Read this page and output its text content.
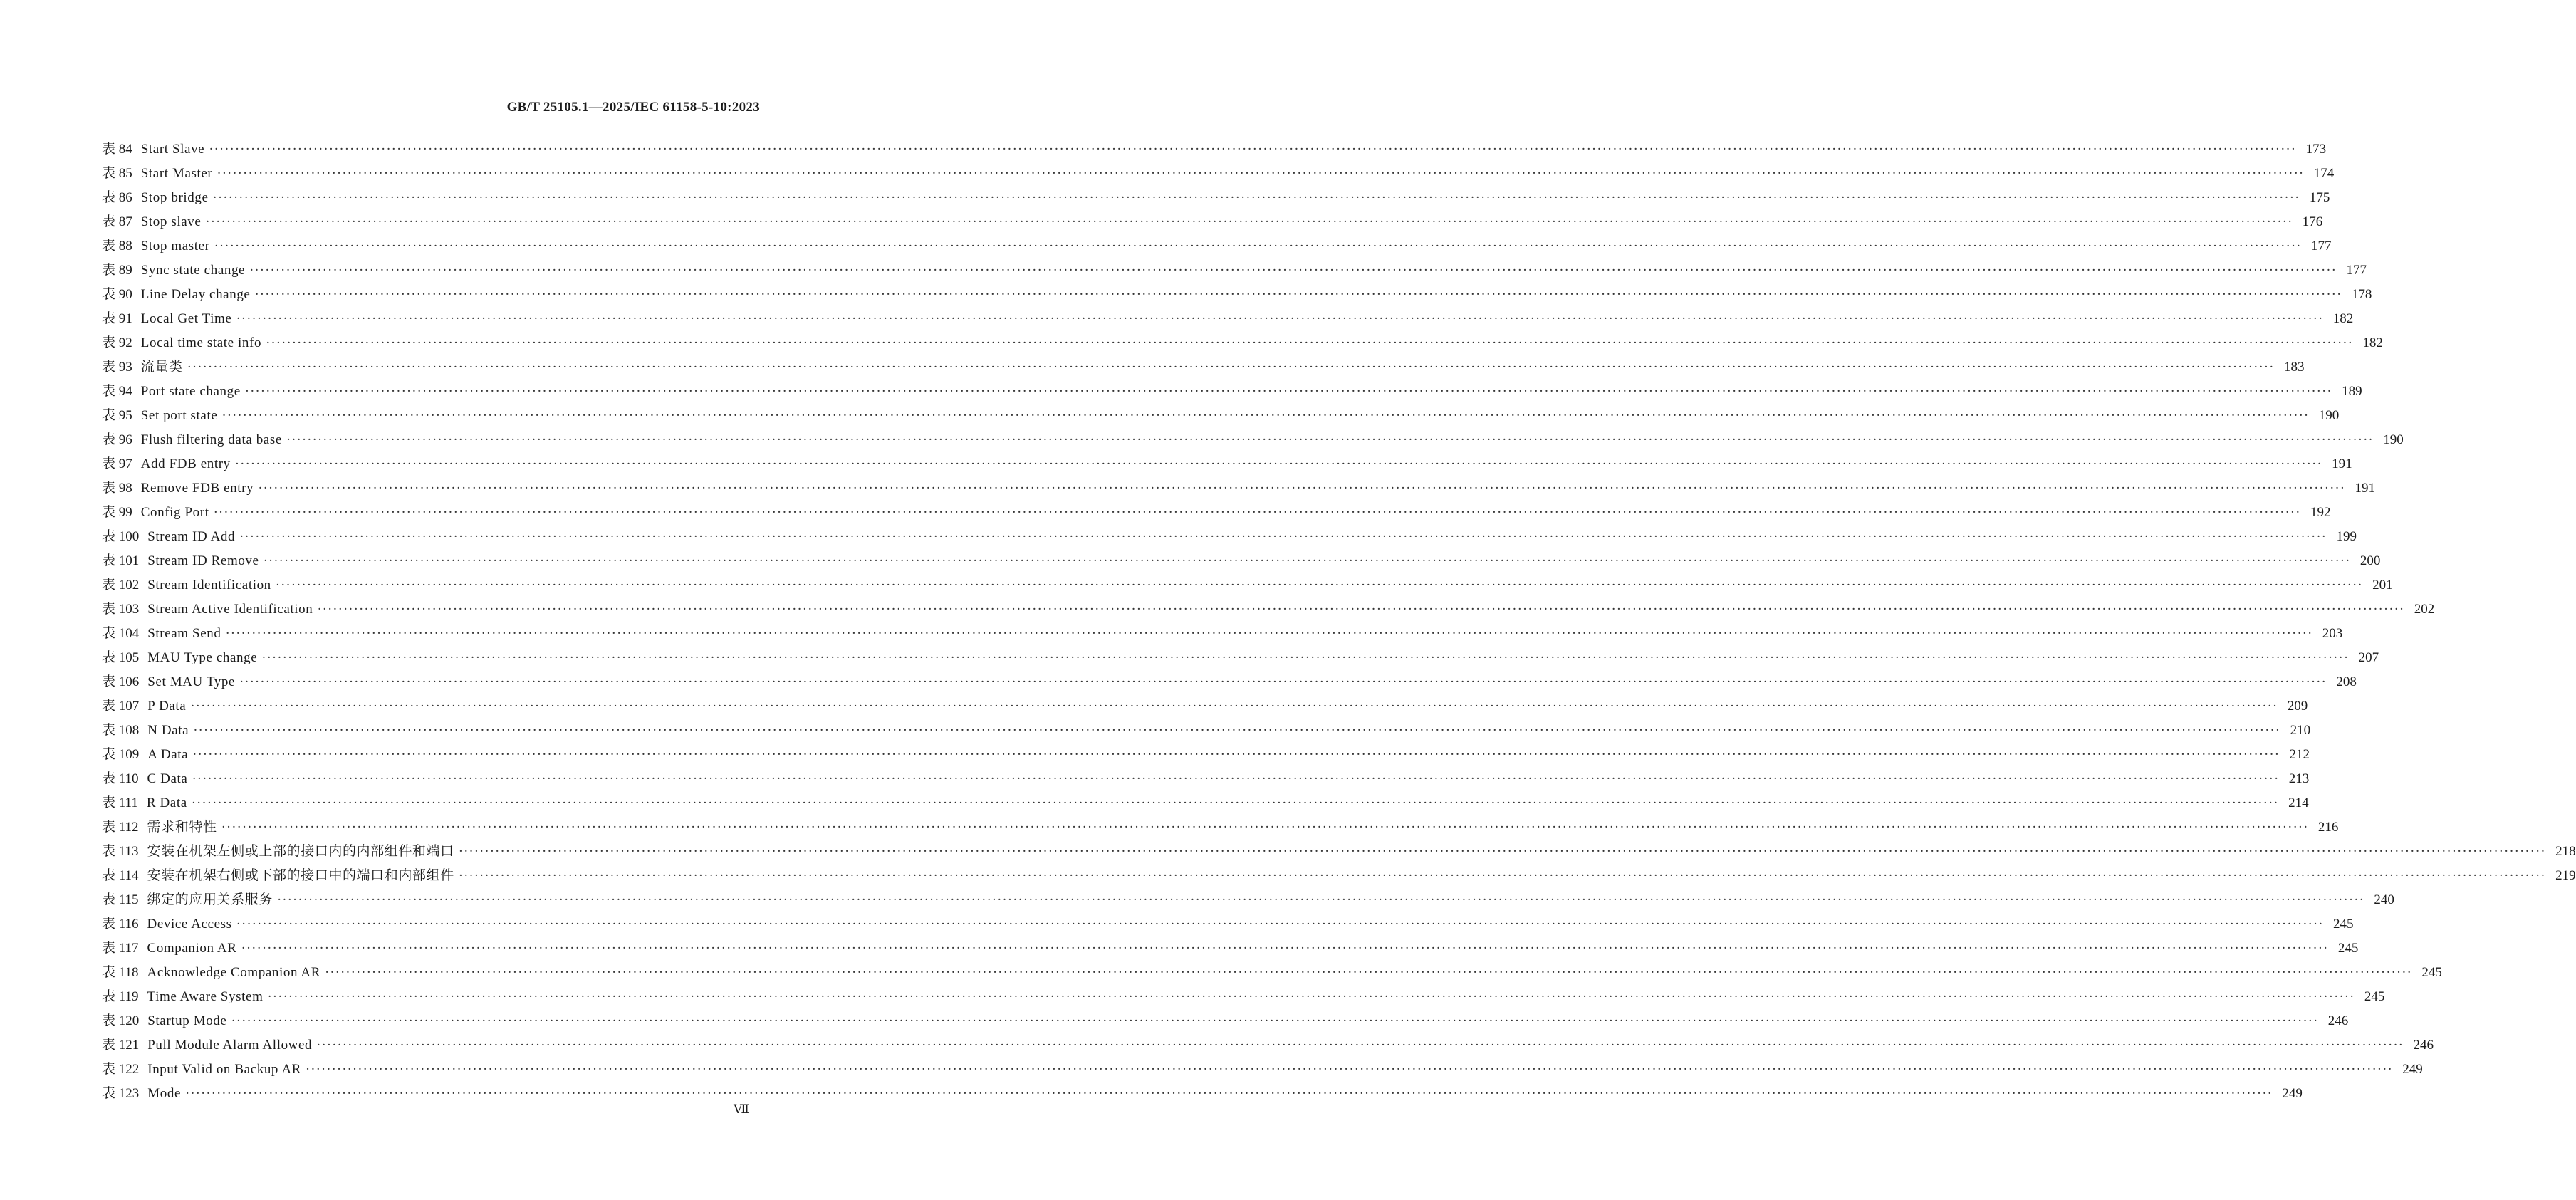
GB/T 25105.1—2025/IEC 61158-5-10:2023
表 84 Start Slave ················································································································································································································································································································································································································ 173
表 85 Start Master ················································································································································································································································································································································································································ 174
表 86 Stop bridge ················································································································································································································································································································································································································ 175
表 87 Stop slave ················································································································································································································································································································································································································ 176
表 88 Stop master ················································································································································································································································································································································································································ 177
表 89 Sync state change ················································································································································································································································································································································································································ 177
表 90 Line Delay change ················································································································································································································································································································································································································ 178
表 91 Local Get Time ················································································································································································································································································································································································································ 182
表 92 Local time state info ················································································································································································································································································································································································································ 182
表 93 流量类 ················································································································································································································································································································································································································ 183
表 94 Port state change ················································································································································································································································································································································································································ 189
表 95 Set port state ················································································································································································································································································································································································································ 190
表 96 Flush filtering data base ················································································································································································································································································································································································································ 190
表 97 Add FDB entry ················································································································································································································································································································································································································ 191
表 98 Remove FDB entry ················································································································································································································································································································································································································ 191
表 99 Config Port ················································································································································································································································································································································································································ 192
表 100 Stream ID Add ················································································································································································································································································································································································································ 199
表 101 Stream ID Remove ················································································································································································································································································································································································································ 200
表 102 Stream Identification ················································································································································································································································································································································································································ 201
表 103 Stream Active Identification ················································································································································································································································································································································································································ 202
表 104 Stream Send ················································································································································································································································································································································································································ 203
表 105 MAU Type change ················································································································································································································································································································································································································ 207
表 106 Set MAU Type ················································································································································································································································································································································································································ 208
表 107 P Data ················································································································································································································································································································································································································ 209
表 108 N Data ················································································································································································································································································································································································································ 210
表 109 A Data ················································································································································································································································································································································································································ 212
表 110 C Data ················································································································································································································································································································································································································ 213
表 111 R Data ················································································································································································································································································································································································································ 214
表 112 需求和特性 ················································································································································································································································································································································································································ 216
表 113 安装在机架左侧或上部的接口内的内部组件和端口 ················································································································································································································································································································································································································ 218
表 114 安装在机架右侧或下部的接口中的端口和内部组件 ················································································································································································································································································································································································································ 219
表 115 绑定的应用关系服务 ················································································································································································································································································································································································································ 240
表 116 Device Access ················································································································································································································································································································································································································ 245
表 117 Companion AR ················································································································································································································································································································································································································ 245
表 118 Acknowledge Companion AR ················································································································································································································································································································································································································ 245
表 119 Time Aware System ················································································································································································································································································································································································································ 245
表 120 Startup Mode ················································································································································································································································································································································································································ 246
表 121 Pull Module Alarm Allowed ················································································································································································································································································································································································································ 246
表 122 Input Valid on Backup AR ················································································································································································································································································································································································································ 249
表 123 Mode ················································································································································································································································································································································································································ 249
Ⅶ
